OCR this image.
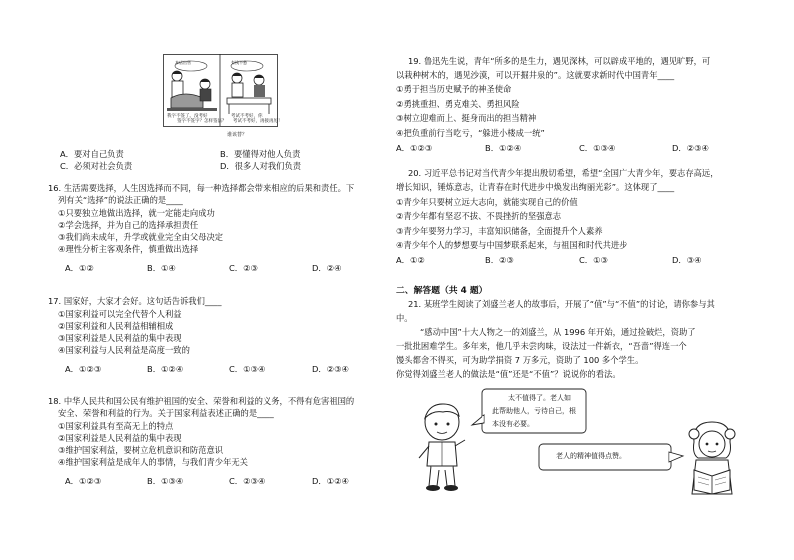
本店出售	有钱不愁
我字不签了。没考好
签字不签字？怎样签法？
考试不考好，你
考试不考好，再接再厉！
谁该替？
A．要对自己负责	B．要懂得对他人负责
C．必须对社会负责	D．很多人对我们负责
16. 生活需要选择，人生因选择而不同，每一种选择都会带来相应的后果和责任。下
列有关“选择”的说法正确的是____
①只要独立地做出选择，就一定能走向成功
②学会选择，并为自己的选择承担责任
③我们尚未成年，升学或就业完全由父母决定
④理性分析主客观条件，慎重做出选择
A．①②	B．①④	C．②③	D．②④
17. 国家好，大家才会好。这句话告诉我们____
①国家利益可以完全代替个人利益
②国家利益和人民利益相辅相成
③国家利益是人民利益的集中表现
④国家利益与人民利益是高度一致的
A．①②③	B．①②④	C．①③④	D．②③④
18. 中华人民共和国公民有维护祖国的安全、荣誉和利益的义务，不得有危害祖国的
安全、荣誉和利益的行为。关于国家利益表述正确的是____
①国家利益具有至高无上的特点
②国家利益是人民利益的集中表现
③维护国家利益，要树立危机意识和防范意识
④维护国家利益是成年人的事情，与我们青少年无关
A．①②③	B．①③④	C．②③④	D．①②④
19. 鲁迅先生说，青年“所多的是生力，遇见深林，可以辟成平地的，遇见旷野，可
以栽种树木的，遇见沙漠，可以开掘井泉的”。这就要求新时代中国青年____
①勇于担当历史赋予的神圣使命
②勇挑重担、勇克难关、勇担风险
③树立迎难而上、挺身而出的担当精神
④把负重前行当吃亏，“躲进小楼成一统”
A．①②③	B．①②④	C．①③④	D．②③④
20. 习近平总书记对当代青少年提出殷切希望，希望“全国广大青少年，要志存高远，
增长知识，锤炼意志，让青春在时代进步中焕发出绚丽光彩”。这体现了____
①青少年只要树立远大志向，就能实现自己的价值
②青少年都有坚忍不拔、不畏挫折的坚强意志
③青少年要努力学习，丰富知识储备，全面提升个人素养
④青少年个人的梦想要与中国梦联系起来，与祖国和时代共进步
A．①②	B．②③	C．①③	D．③④
二、解答题（共 4 题）
21. 某班学生阅读了刘盛兰老人的故事后，开展了“值”与“不值”的讨论，请你参与其
中。
“感动中国”十大人物之一的刘盛兰，从 1996 年开始，通过捡破烂，资助了
一批批困难学生。多年来，他几乎未尝肉味，设法过一件新衣，“吾啬”得连一个
馒头都舍不得买，可为助学捐资 7 万多元，资助了 100 多个学生。
你觉得刘盛兰老人的做法是“值”还是“不值”？说说你的看法。
太不值得了。老人如
此帮助他人，亏待自己，根
本没有必要。
老人的精神值得点赞。
